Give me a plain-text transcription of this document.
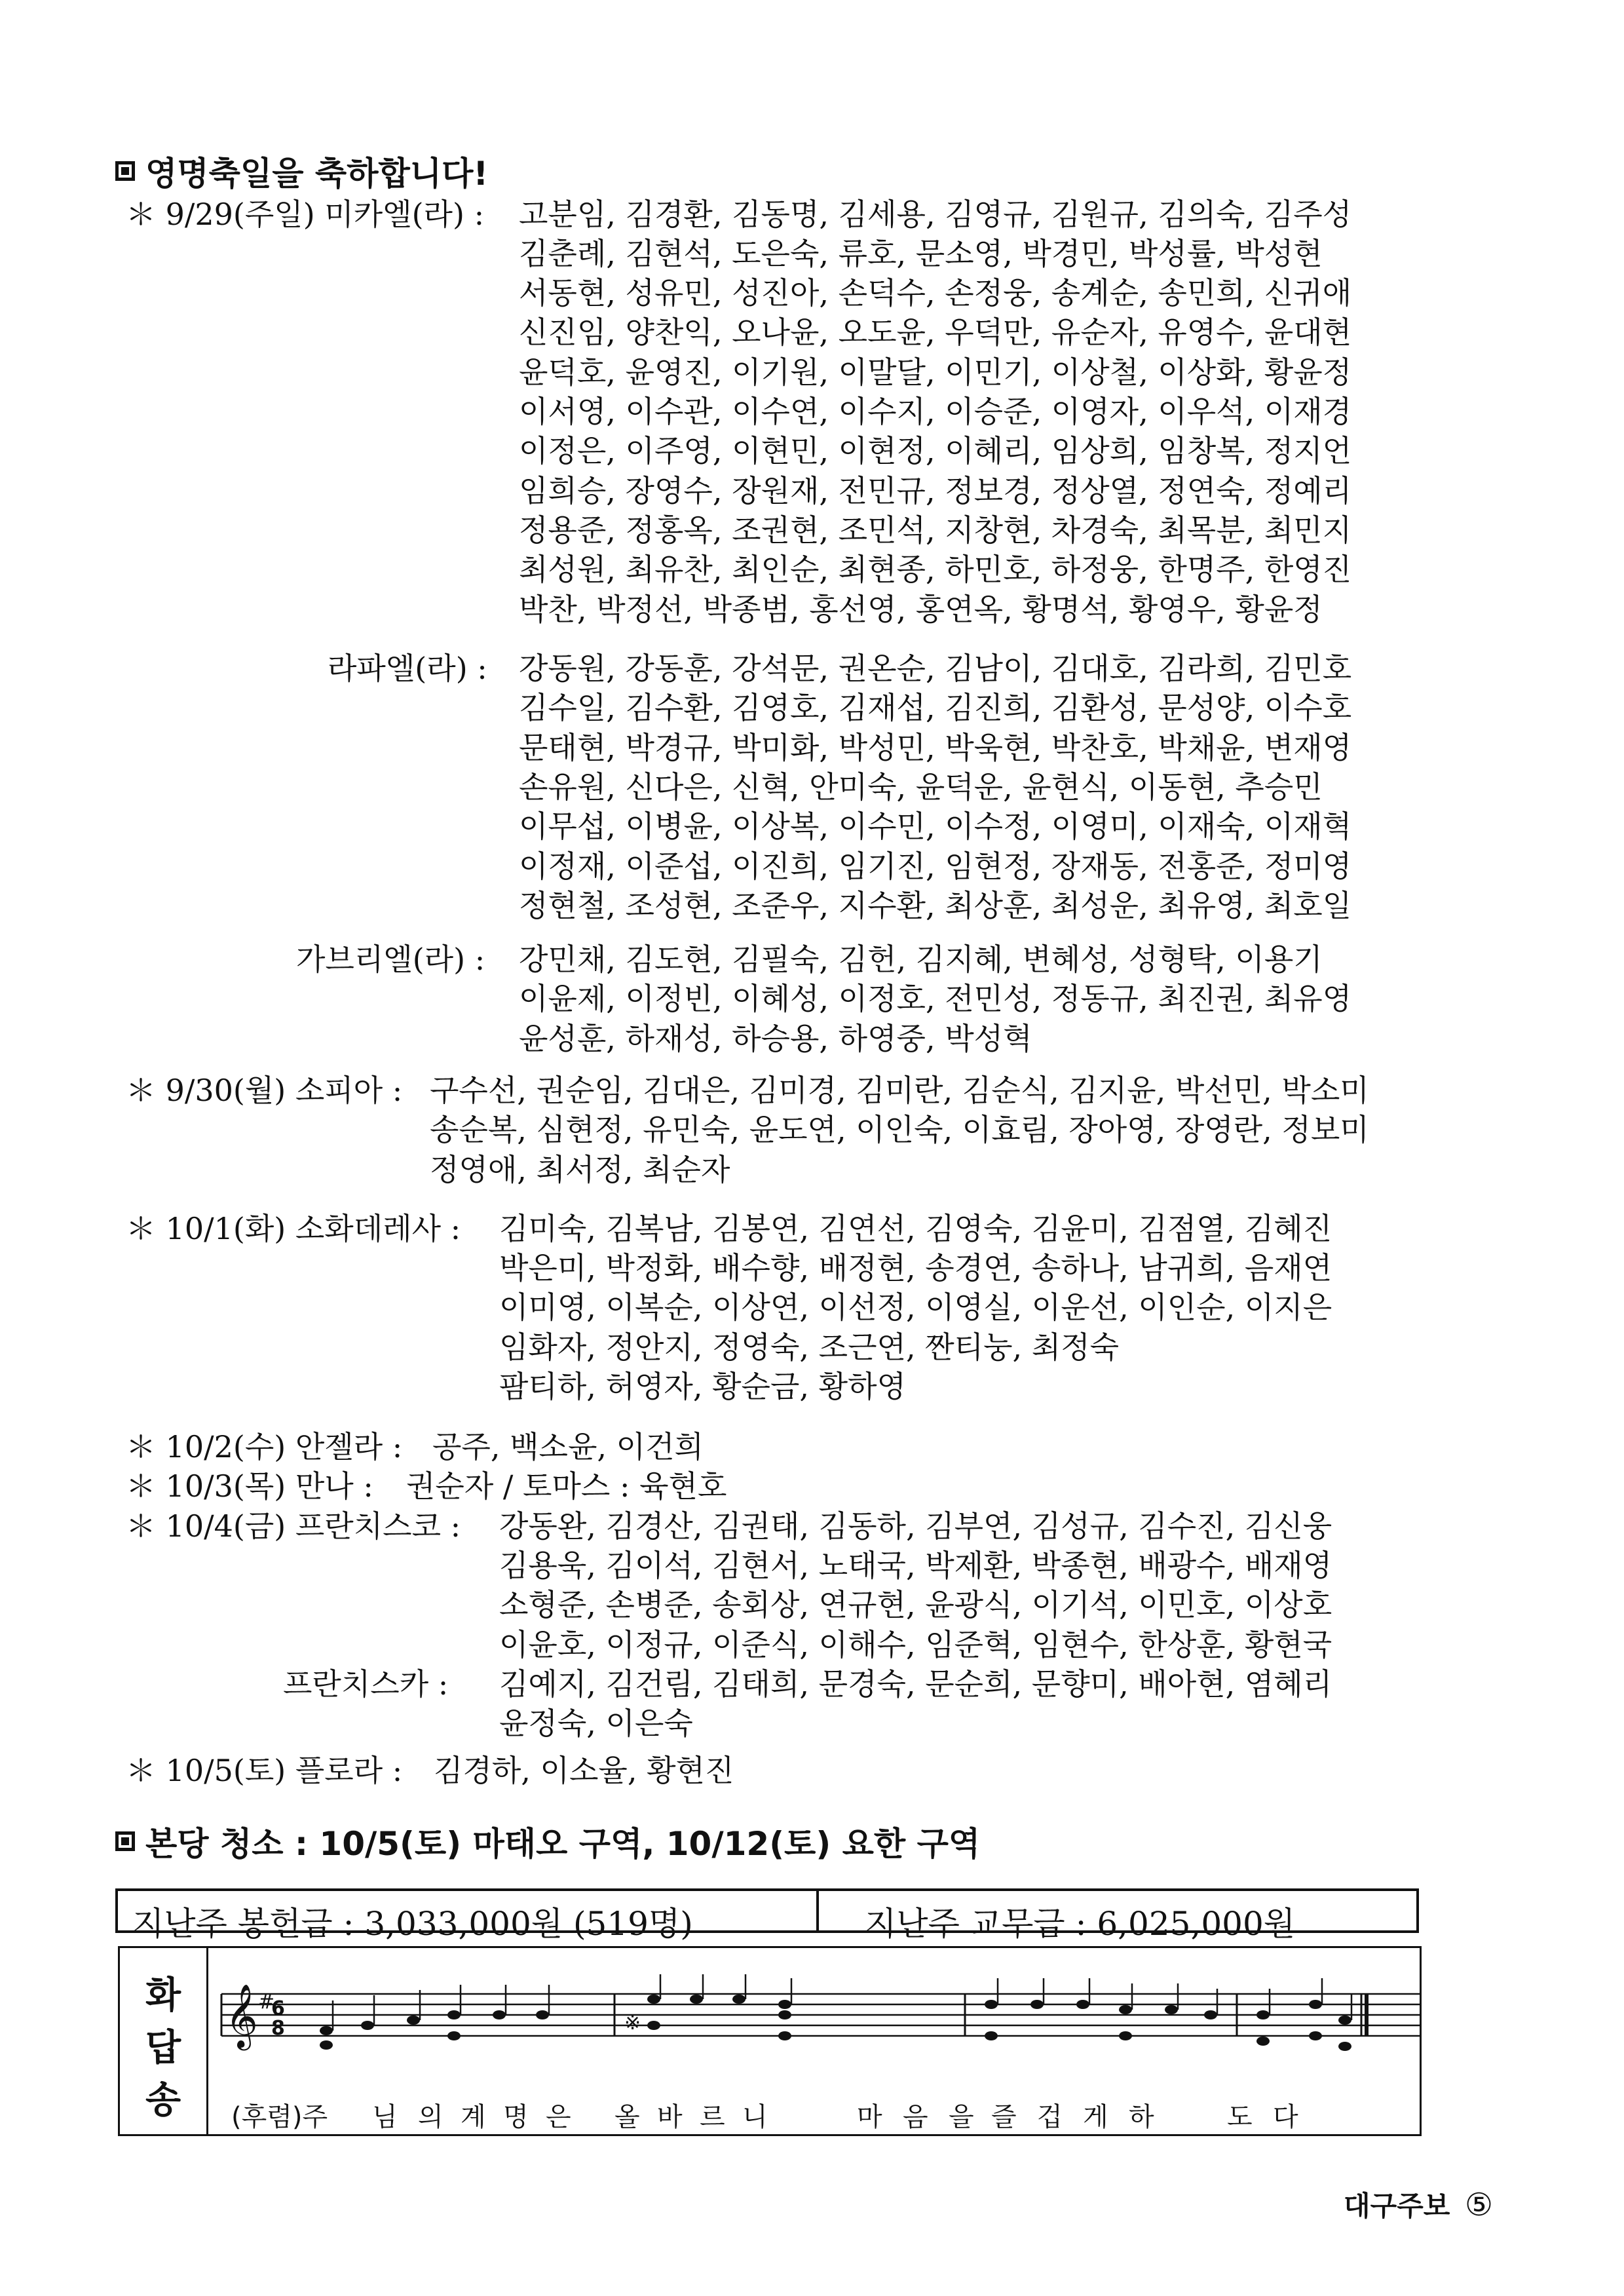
영명축일을 축하합니다!
＊ 9/29(주일) 미카엘(라) : 고분임, 김경환, 김동명, 김세용, 김영규, 김원규, 김의숙, 김주성
김춘례, 김현석, 도은숙, 류호, 문소영, 박경민, 박성률, 박성현
서동현, 성유민, 성진아, 손덕수, 손정웅, 송계순, 송민희, 신귀애
신진임, 양찬익, 오나윤, 오도윤, 우덕만, 유순자, 유영수, 윤대현
윤덕호, 윤영진, 이기원, 이말달, 이민기, 이상철, 이상화, 황윤정
이서영, 이수관, 이수연, 이수지, 이승준, 이영자, 이우석, 이재경
이정은, 이주영, 이현민, 이현정, 이혜리, 임상희, 임창복, 정지언
임희승, 장영수, 장원재, 전민규, 정보경, 정상열, 정연숙, 정예리
정용준, 정홍옥, 조권현, 조민석, 지창현, 차경숙, 최목분, 최민지
최성원, 최유찬, 최인순, 최현종, 하민호, 하정웅, 한명주, 한영진
박찬, 박정선, 박종범, 홍선영, 홍연옥, 황명석, 황영우, 황윤정
라파엘(라) : 강동원, 강동훈, 강석문, 권온순, 김남이, 김대호, 김라희, 김민호
김수일, 김수환, 김영호, 김재섭, 김진희, 김환성, 문성양, 이수호
문태현, 박경규, 박미화, 박성민, 박욱현, 박찬호, 박채윤, 변재영
손유원, 신다은, 신혁, 안미숙, 윤덕운, 윤현식, 이동현, 추승민
이무섭, 이병윤, 이상복, 이수민, 이수정, 이영미, 이재숙, 이재혁
이정재, 이준섭, 이진희, 임기진, 임현정, 장재동, 전홍준, 정미영
정현철, 조성현, 조준우, 지수환, 최상훈, 최성운, 최유영, 최호일
가브리엘(라) : 강민채, 김도현, 김필숙, 김헌, 김지혜, 변혜성, 성형탁, 이용기
이윤제, 이정빈, 이혜성, 이정호, 전민성, 정동규, 최진권, 최유영
윤성훈, 하재성, 하승용, 하영중, 박성혁
＊ 9/30(월) 소피아 : 구수선, 권순임, 김대은, 김미경, 김미란, 김순식, 김지윤, 박선민, 박소미
송순복, 심현정, 유민숙, 윤도연, 이인숙, 이효림, 장아영, 장영란, 정보미
정영애, 최서정, 최순자
＊ 10/1(화) 소화데레사 : 김미숙, 김복남, 김봉연, 김연선, 김영숙, 김윤미, 김점열, 김혜진
박은미, 박정화, 배수향, 배정현, 송경연, 송하나, 남귀희, 음재연
이미영, 이복순, 이상연, 이선정, 이영실, 이운선, 이인순, 이지은
임화자, 정안지, 정영숙, 조근연, 짠티눙, 최정숙
팜티하, 허영자, 황순금, 황하영
＊ 10/2(수) 안젤라 : 공주, 백소윤, 이건희
＊ 10/3(목) 만나 : 권순자 / 토마스 : 육현호
＊ 10/4(금) 프란치스코 : 강동완, 김경산, 김권태, 김동하, 김부연, 김성규, 김수진, 김신웅
김용욱, 김이석, 김현서, 노태국, 박제환, 박종현, 배광수, 배재영
소형준, 손병준, 송회상, 연규현, 윤광식, 이기석, 이민호, 이상호
이윤호, 이정규, 이준식, 이해수, 임준혁, 임현수, 한상훈, 황현국
프란치스카 : 김예지, 김건림, 김태희, 문경숙, 문순희, 문향미, 배아현, 염혜리
윤정숙, 이은숙
＊ 10/5(토) 플로라 : 김경하, 이소율, 황현진
본당 청소 : 10/5(토) 마태오 구역, 10/12(토) 요한 구역
지난주 봉헌금 : 3,033,000원 (519명)	지난주 교무금 : 6,025,000원
화
답
송
𝄞 #
6
8	※
(후렴)주 님 의 계 명 은 올 바 르 니	마 음 을 즐 겁 게 하	도 다
대구주보 ⑤
